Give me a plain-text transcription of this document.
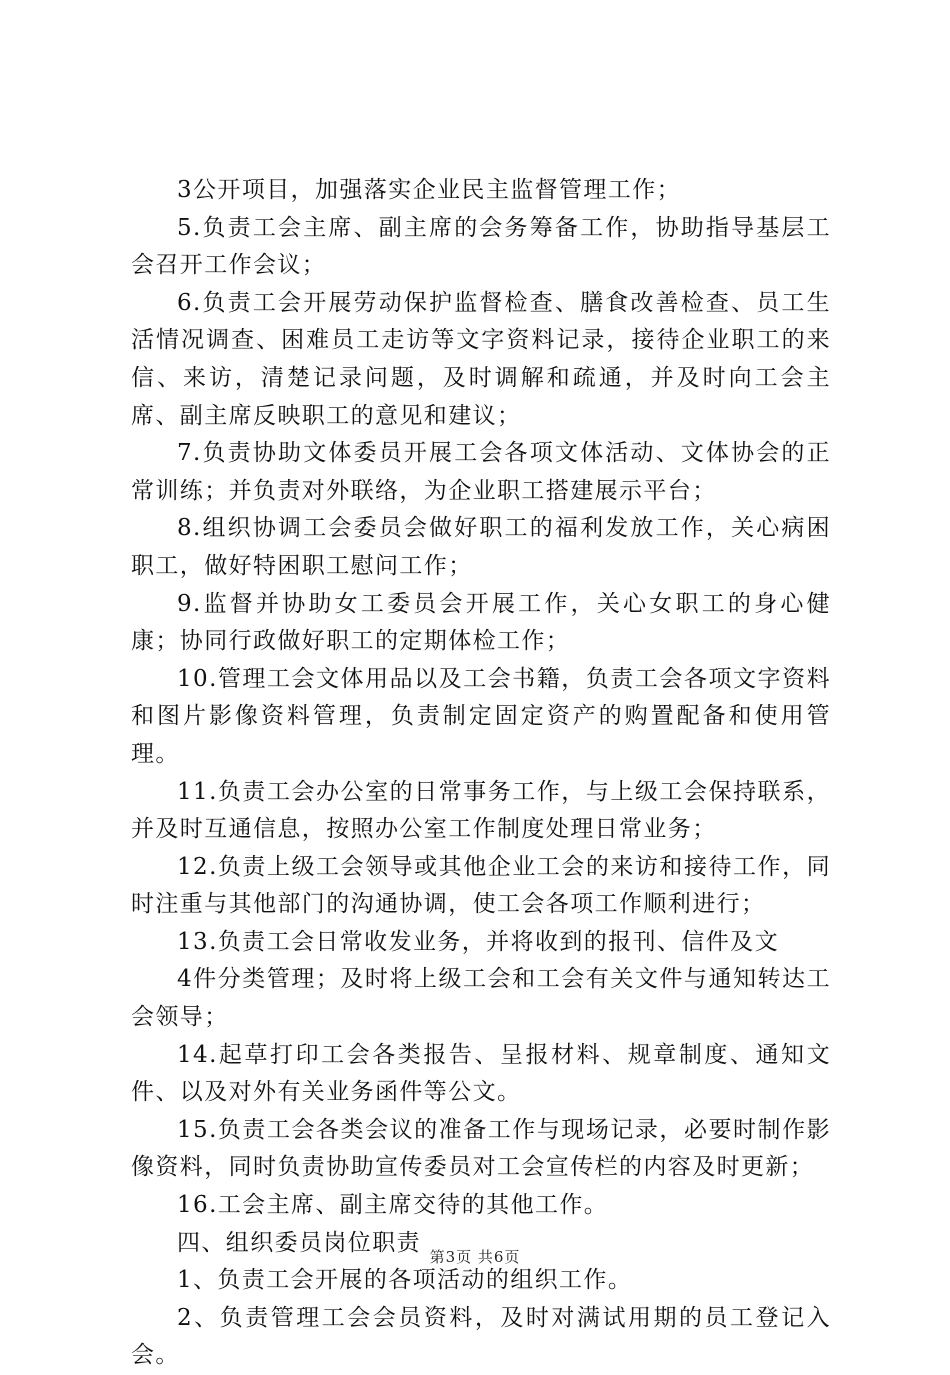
3公开项目，加强落实企业民主监督管理工作；

5.负责工会主席、副主席的会务筹备工作，协助指导基层工会召开工作会议；

6.负责工会开展劳动保护监督检查、膳食改善检查、员工生活情况调查、困难员工走访等文字资料记录，接待企业职工的来信、来访，清楚记录问题，及时调解和疏通，并及时向工会主席、副主席反映职工的意见和建议；

7.负责协助文体委员开展工会各项文体活动、文体协会的正常训练；并负责对外联络，为企业职工搭建展示平台；

8.组织协调工会委员会做好职工的福利发放工作，关心病困职工，做好特困职工慰问工作；

9.监督并协助女工委员会开展工作，关心女职工的身心健康；协同行政做好职工的定期体检工作；

10.管理工会文体用品以及工会书籍，负责工会各项文字资料和图片影像资料管理，负责制定固定资产的购置配备和使用管理。

11.负责工会办公室的日常事务工作，与上级工会保持联系，并及时互通信息，按照办公室工作制度处理日常业务；

12.负责上级工会领导或其他企业工会的来访和接待工作，同时注重与其他部门的沟通协调，使工会各项工作顺利进行；

13.负责工会日常收发业务，并将收到的报刊、信件及文

4件分类管理；及时将上级工会和工会有关文件与通知转达工会领导；

14.起草打印工会各类报告、呈报材料、规章制度、通知文件、以及对外有关业务函件等公文。

15.负责工会各类会议的准备工作与现场记录，必要时制作影像资料，同时负责协助宣传委员对工会宣传栏的内容及时更新；

16.工会主席、副主席交待的其他工作。

四、组织委员岗位职责

1、负责工会开展的各项活动的组织工作。

2、负责管理工会会员资料，及时对满试用期的员工登记入会。

第3页 共6页
